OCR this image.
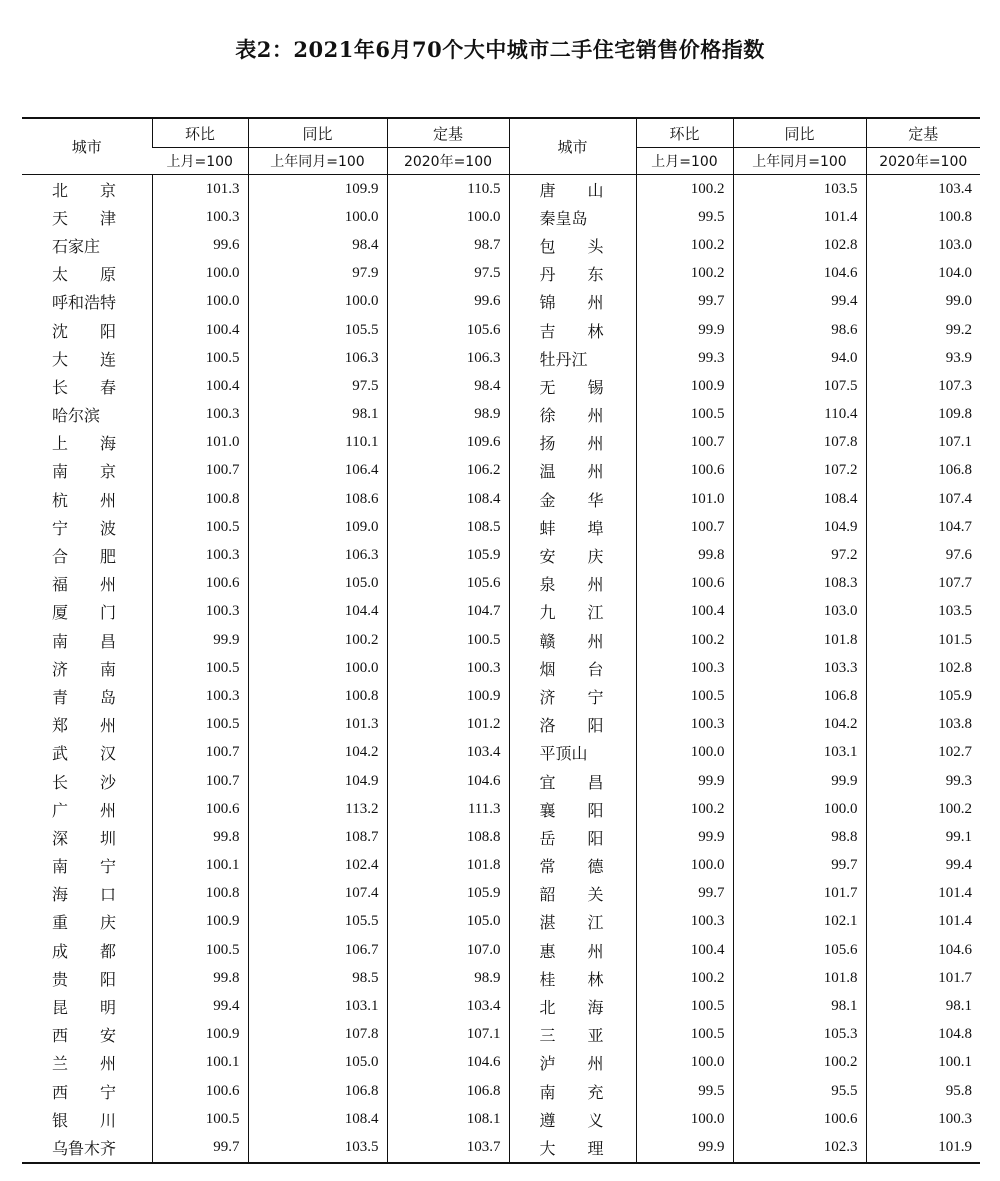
表2：2021年6月70个大中城市二手住宅销售价格指数
城市	环比	同比	定基	城市	环比	同比	定基
	上月=100	上年同月=100	2020年=100		上月=100	上年同月=100	2020年=100
北　　京	101.3	109.9	110.5	唐　　山	100.2	103.5	103.4
天　　津	100.3	100.0	100.0	秦皇岛	99.5	101.4	100.8
石家庄	99.6	98.4	98.7	包　　头	100.2	102.8	103.0
太　　原	100.0	97.9	97.5	丹　　东	100.2	104.6	104.0
呼和浩特	100.0	100.0	99.6	锦　　州	99.7	99.4	99.0
沈　　阳	100.4	105.5	105.6	吉　　林	99.9	98.6	99.2
大　　连	100.5	106.3	106.3	牡丹江	99.3	94.0	93.9
长　　春	100.4	97.5	98.4	无　　锡	100.9	107.5	107.3
哈尔滨	100.3	98.1	98.9	徐　　州	100.5	110.4	109.8
上　　海	101.0	110.1	109.6	扬　　州	100.7	107.8	107.1
南　　京	100.7	106.4	106.2	温　　州	100.6	107.2	106.8
杭　　州	100.8	108.6	108.4	金　　华	101.0	108.4	107.4
宁　　波	100.5	109.0	108.5	蚌　　埠	100.7	104.9	104.7
合　　肥	100.3	106.3	105.9	安　　庆	99.8	97.2	97.6
福　　州	100.6	105.0	105.6	泉　　州	100.6	108.3	107.7
厦　　门	100.3	104.4	104.7	九　　江	100.4	103.0	103.5
南　　昌	99.9	100.2	100.5	赣　　州	100.2	101.8	101.5
济　　南	100.5	100.0	100.3	烟　　台	100.3	103.3	102.8
青　　岛	100.3	100.8	100.9	济　　宁	100.5	106.8	105.9
郑　　州	100.5	101.3	101.2	洛　　阳	100.3	104.2	103.8
武　　汉	100.7	104.2	103.4	平顶山	100.0	103.1	102.7
长　　沙	100.7	104.9	104.6	宜　　昌	99.9	99.9	99.3
广　　州	100.6	113.2	111.3	襄　　阳	100.2	100.0	100.2
深　　圳	99.8	108.7	108.8	岳　　阳	99.9	98.8	99.1
南　　宁	100.1	102.4	101.8	常　　德	100.0	99.7	99.4
海　　口	100.8	107.4	105.9	韶　　关	99.7	101.7	101.4
重　　庆	100.9	105.5	105.0	湛　　江	100.3	102.1	101.4
成　　都	100.5	106.7	107.0	惠　　州	100.4	105.6	104.6
贵　　阳	99.8	98.5	98.9	桂　　林	100.2	101.8	101.7
昆　　明	99.4	103.1	103.4	北　　海	100.5	98.1	98.1
西　　安	100.9	107.8	107.1	三　　亚	100.5	105.3	104.8
兰　　州	100.1	105.0	104.6	泸　　州	100.0	100.2	100.1
西　　宁	100.6	106.8	106.8	南　　充	99.5	95.5	95.8
银　　川	100.5	108.4	108.1	遵　　义	100.0	100.6	100.3
乌鲁木齐	99.7	103.5	103.7	大　　理	99.9	102.3	101.9
